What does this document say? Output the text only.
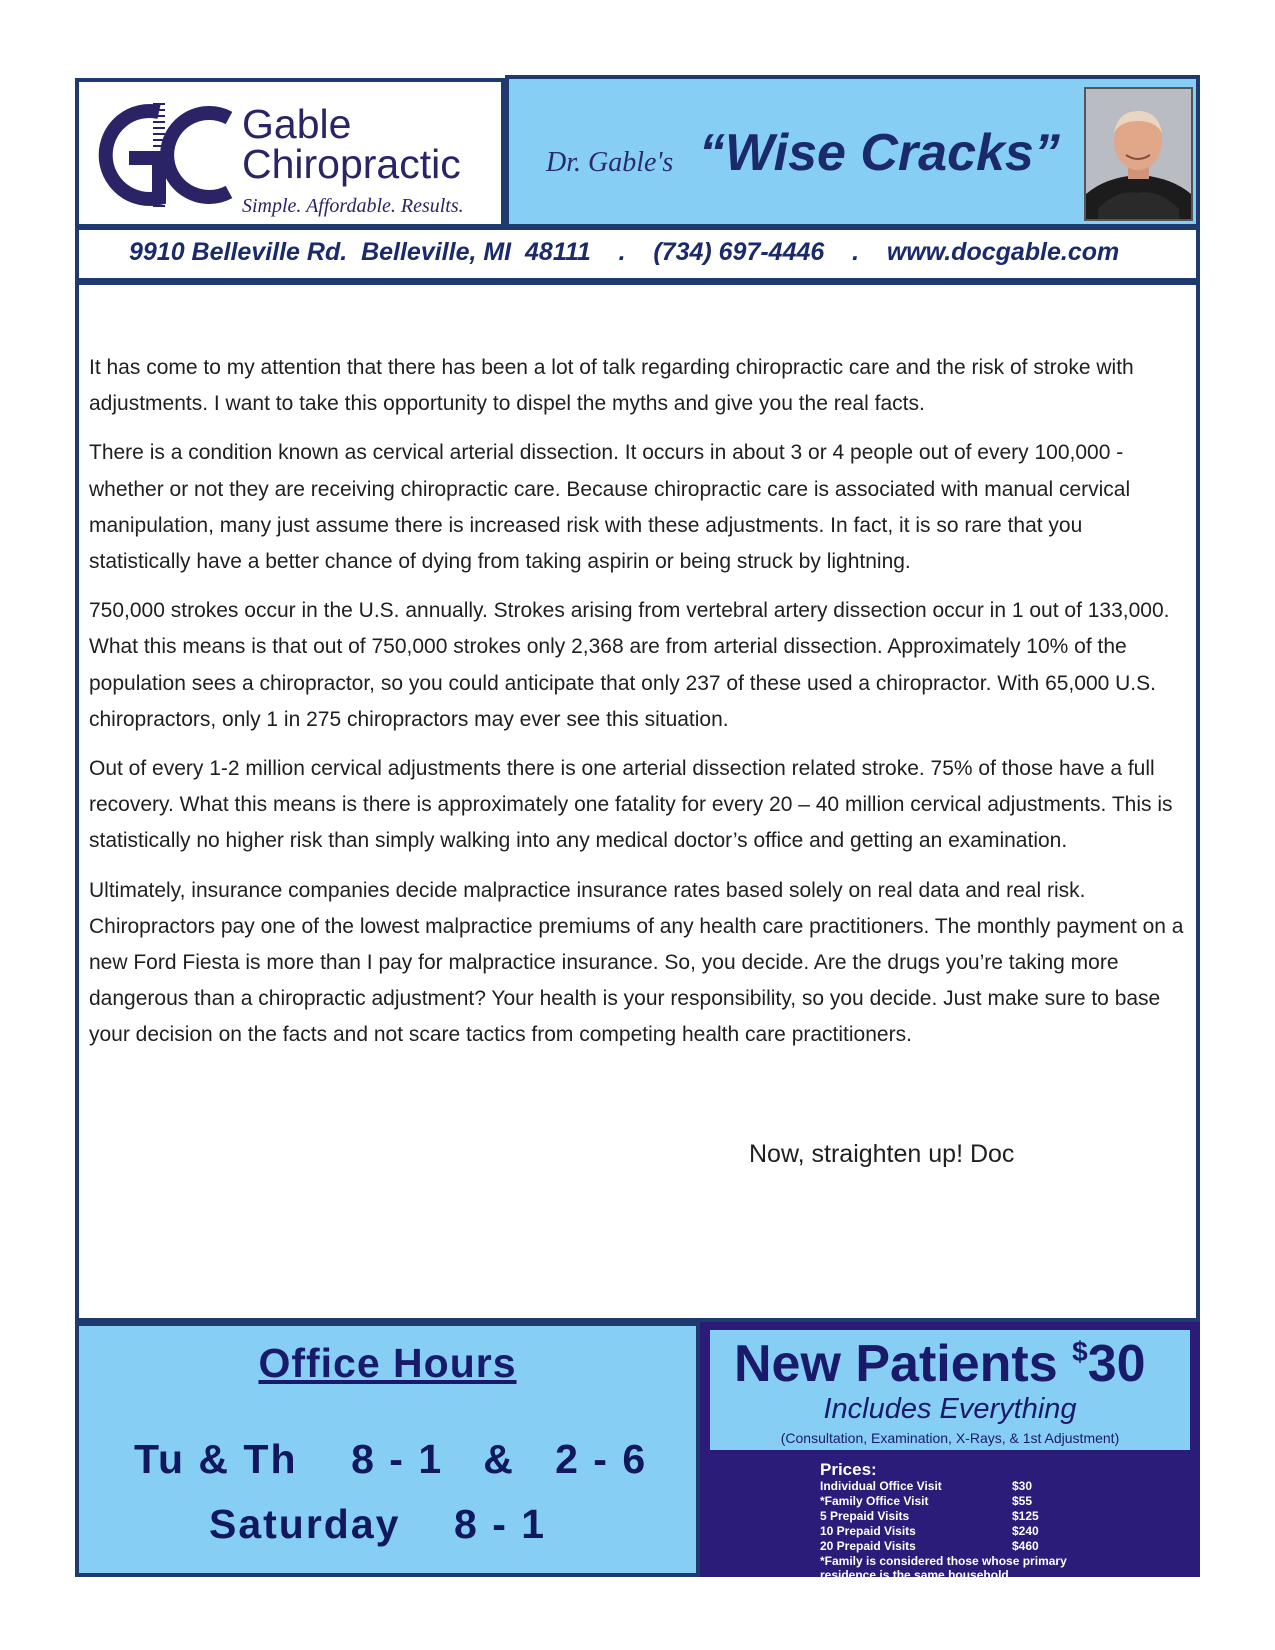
Gable
Chiropractic
Simple. Affordable. Results.
Dr. Gable's “Wise Cracks”
9910 Belleville Rd.  Belleville, MI  48111    .    (734) 697-4446    .    www.docgable.com

It has come to my attention that there has been a lot of talk regarding chiropractic care and the risk of stroke with adjustments. I want to take this opportunity to dispel the myths and give you the real facts.

There is a condition known as cervical arterial dissection. It occurs in about 3 or 4 people out of every 100,000 - whether or not they are receiving chiropractic care. Because chiropractic care is associated with manual cervical manipulation, many just assume there is increased risk with these adjustments. In fact, it is so rare that you statistically have a better chance of dying from taking aspirin or being struck by lightning.

750,000 strokes occur in the U.S. annually. Strokes arising from vertebral artery dissection occur in 1 out of 133,000. What this means is that out of 750,000 strokes only 2,368 are from arterial dissection. Approximately 10% of the population sees a chiropractor, so you could anticipate that only 237 of these used a chiropractor. With 65,000 U.S. chiropractors, only 1 in 275 chiropractors may ever see this situation.

Out of every 1-2 million cervical adjustments there is one arterial dissection related stroke. 75% of those have a full recovery. What this means is there is approximately one fatality for every 20 – 40 million cervical adjustments. This is statistically no higher risk than simply walking into any medical doctor’s office and getting an examination.

Ultimately, insurance companies decide malpractice insurance rates based solely on real data and real risk. Chiropractors pay one of the lowest malpractice premiums of any health care practitioners. The monthly payment on a new Ford Fiesta is more than I pay for malpractice insurance. So, you decide. Are the drugs you’re taking more dangerous than a chiropractic adjustment? Your health is your responsibility, so you decide. Just make sure to base your decision on the facts and not scare tactics from competing health care practitioners.

Now, straighten up! Doc
Office Hours
Tu & Th    8 - 1   &   2 - 6
Saturday    8 - 1
New Patients $30
Includes Everything
(Consultation, Examination, X-Rays, & 1st Adjustment)
Prices:
Individual Office Visit	$30
*Family Office Visit	$55
5 Prepaid Visits	$125
10 Prepaid Visits	$240
20 Prepaid Visits	$460
*Family is considered those whose primary residence is the same household
